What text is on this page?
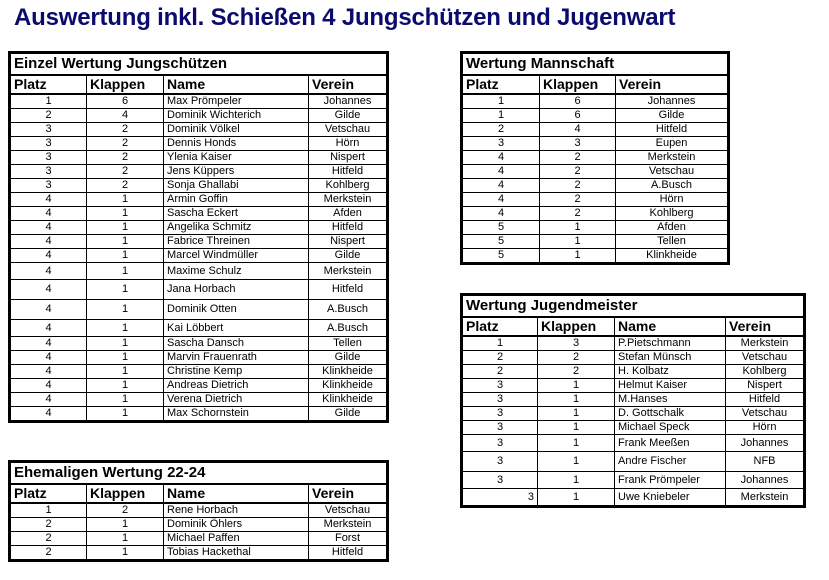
Auswertung inkl. Schießen 4 Jungschützen und Jugenwart
Einzel Wertung Jungschützen			
Platz	Klappen	Name	Verein
1	6	Max Prömpeler	Johannes
2	4	Dominik Wichterich	Gilde
3	2	Dominik Völkel	Vetschau
3	2	Dennis Honds	Hörn
3	2	Ylenia Kaiser	Nispert
3	2	Jens Küppers	Hitfeld
3	2	Sonja Ghallabi	Kohlberg
4	1	Armin Goffin	Merkstein
4	1	Sascha Eckert	Afden
4	1	Angelika Schmitz	Hitfeld
4	1	Fabrice Threinen	Nispert
4	1	Marcel Windmüller	Gilde
4	1	Maxime Schulz	Merkstein
4	1	Jana Horbach	Hitfeld
4	1	Dominik Otten	A.Busch
4	1	Kai Löbbert	A.Busch
4	1	Sascha Dansch	Tellen
4	1	Marvin Frauenrath	Gilde
4	1	Christine Kemp	Klinkheide
4	1	Andreas Dietrich	Klinkheide
4	1	Verena Dietrich	Klinkheide
4	1	Max Schornstein	Gilde
Ehemaligen Wertung 22-24			
Platz	Klappen	Name	Verein
1	2	Rene Horbach	Vetschau
2	1	Dominik Öhlers	Merkstein
2	1	Michael Paffen	Forst
2	1	Tobias Hackethal	Hitfeld
Wertung Mannschaft		
Platz	Klappen	Verein
1	6	Johannes
1	6	Gilde
2	4	Hitfeld
3	3	Eupen
4	2	Merkstein
4	2	Vetschau
4	2	A.Busch
4	2	Hörn
4	2	Kohlberg
5	1	Afden
5	1	Tellen
5	1	Klinkheide
Wertung Jugendmeister			
Platz	Klappen	Name	Verein
1	3	P.Pietschmann	Merkstein
2	2	Stefan Münsch	Vetschau
2	2	H. Kolbatz	Kohlberg
3	1	Helmut Kaiser	Nispert
3	1	M.Hanses	Hitfeld
3	1	D. Gottschalk	Vetschau
3	1	Michael Speck	Hörn
3	1	Frank Meeßen	Johannes
3	1	Andre Fischer	NFB
3	1	Frank Prömpeler	Johannes
3	1	Uwe Kniebeler	Merkstein
